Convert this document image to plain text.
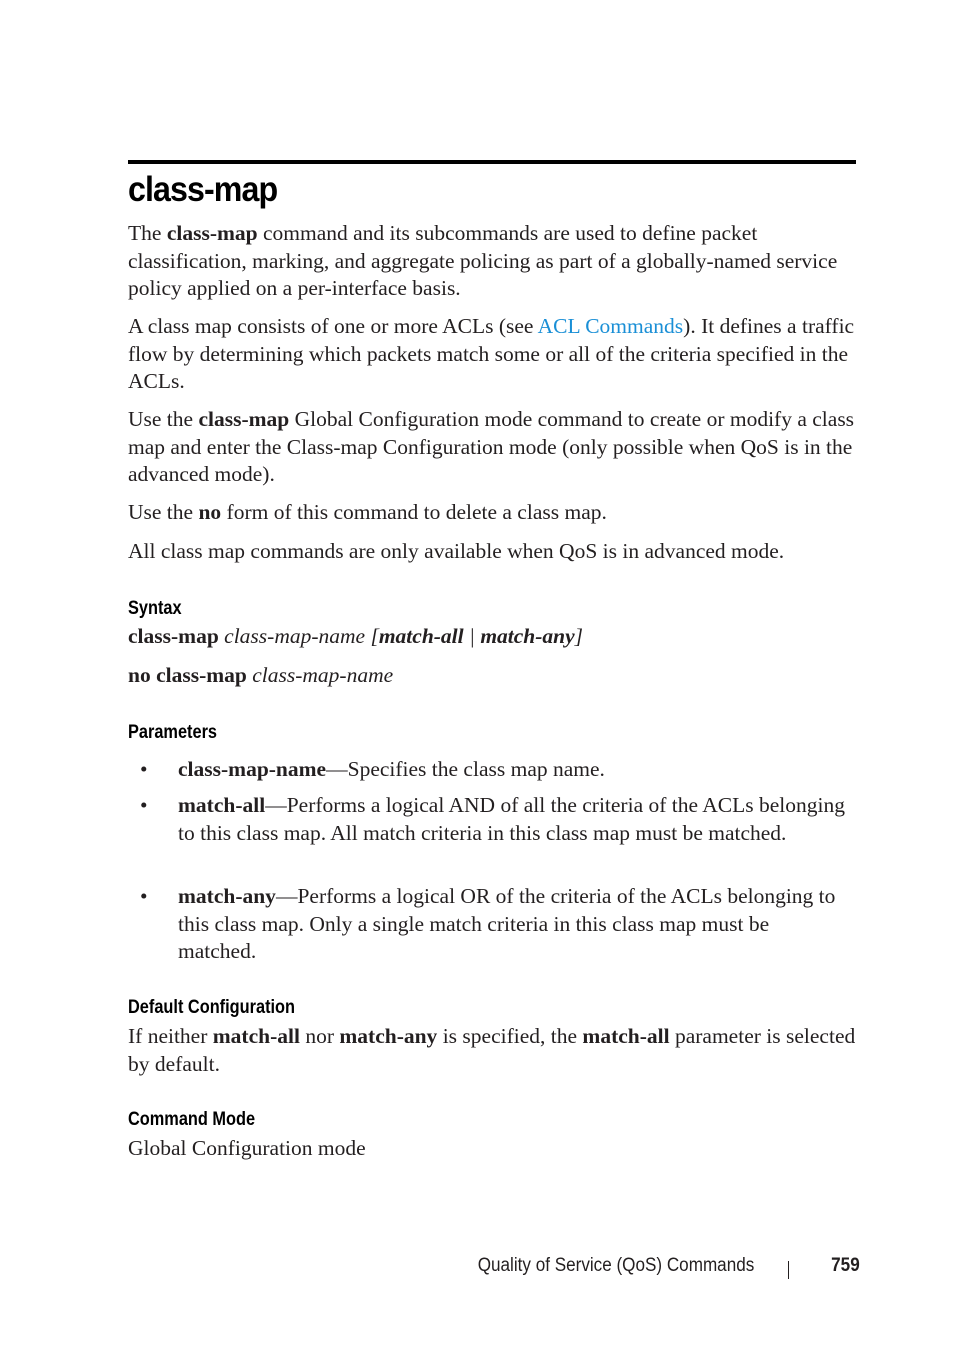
class-map

The class-map command and its subcommands are used to define packet classification, marking, and aggregate policing as part of a globally-named service policy applied on a per-interface basis.

A class map consists of one or more ACLs (see ACL Commands). It defines a traffic flow by determining which packets match some or all of the criteria specified in the ACLs.

Use the class-map Global Configuration mode command to create or modify a class map and enter the Class-map Configuration mode (only possible when QoS is in the advanced mode).

Use the no form of this command to delete a class map.

All class map commands are only available when QoS is in advanced mode.

Syntax

class-map class-map-name [match-all | match-any]

no class-map class-map-name

Parameters
• class-map-name—Specifies the class map name.
• match-all—Performs a logical AND of all the criteria of the ACLs belonging to this class map. All match criteria in this class map must be matched.
• match-any—Performs a logical OR of the criteria of the ACLs belonging to this class map. Only a single match criteria in this class map must be matched.
Default Configuration

If neither match-all nor match-any is specified, the match-all parameter is selected by default.

Command Mode

Global Configuration mode

Quality of Service (QoS) Commands	759
